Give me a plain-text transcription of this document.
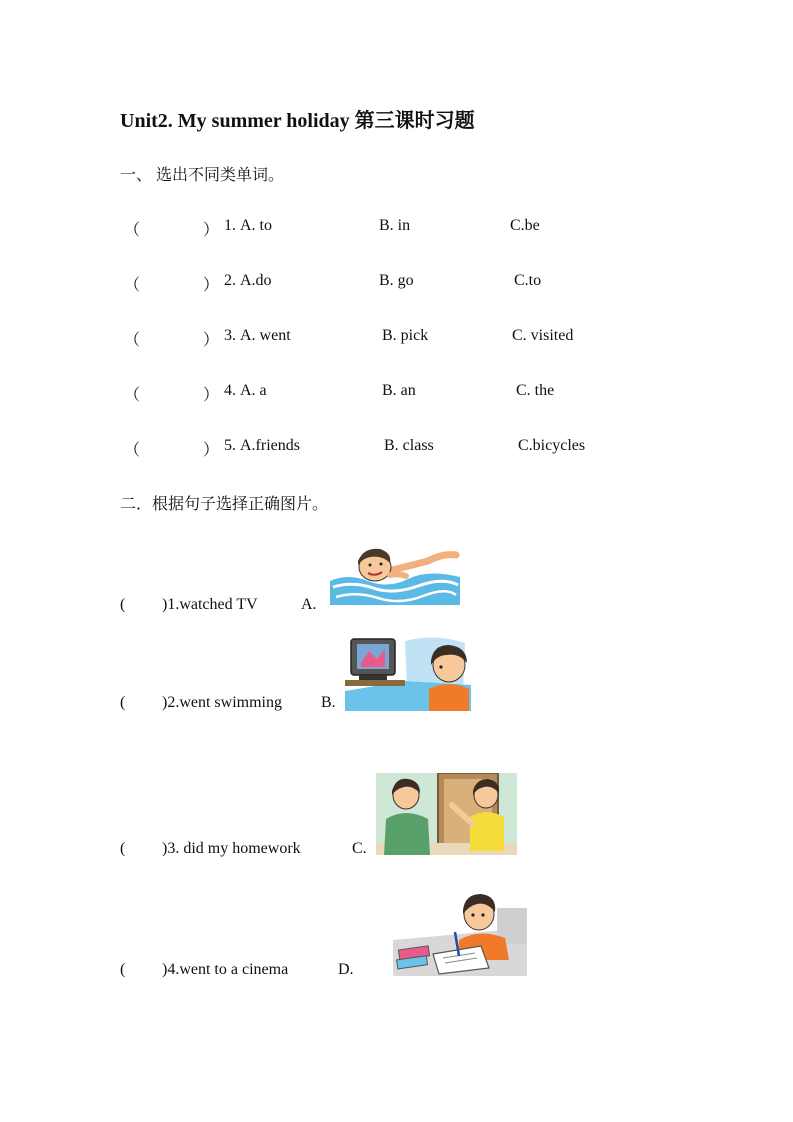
Unit2. My summer holiday 第三课时习题
一、 选出不同类单词。
（	） 1. A. to	B. in	C.be
（	） 2. A.do	B. go	C.to
（	） 3. A. went	B. pick	C. visited
（	） 4. A. a	B. an	C. the
（	） 5. A.friends	B. class	C.bicycles
二．根据句子选择正确图片。
( )1.watched TV	A.
( )2.went swimming B.
( )3. did my homework	C.
( )4.went to a cinema	D.
